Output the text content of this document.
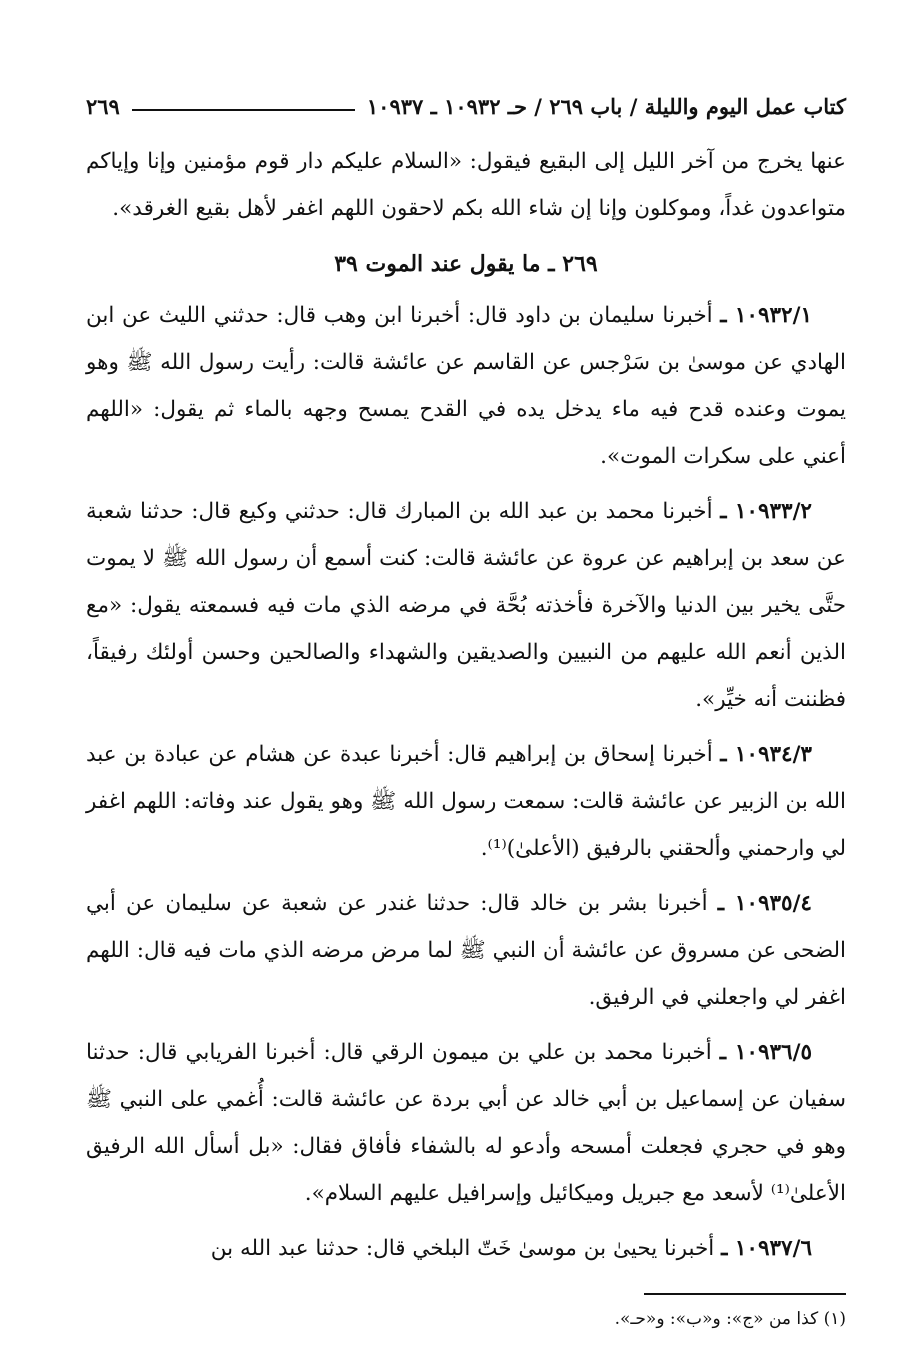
كتاب عمل اليوم والليلة / باب ٢٦٩ / حـ ١٠٩٣٢ ـ ١٠٩٣٧
٢٦٩

عنها يخرج من آخر الليل إلى البقيع فيقول: «السلام عليكم دار قوم مؤمنين وإنا وإياكم متواعدون غداً، وموكلون وإنا إن شاء الله بكم لاحقون اللهم اغفر لأهل بقيع الغرقد».

٢٦٩ ـ ما يقول عند الموت ٣٩

١٠٩٣٢/١ ـ أخبرنا سليمان بن داود قال: أخبرنا ابن وهب قال: حدثني الليث عن ابن الهادي عن موسىٰ بن سَرْجس عن القاسم عن عائشة قالت: رأيت رسول الله ﷺ وهو يموت وعنده قدح فيه ماء يدخل يده في القدح يمسح وجهه بالماء ثم يقول: «اللهم أعني على سكرات الموت».

١٠٩٣٣/٢ ـ أخبرنا محمد بن عبد الله بن المبارك قال: حدثني وكيع قال: حدثنا شعبة عن سعد بن إبراهيم عن عروة عن عائشة قالت: كنت أسمع أن رسول الله ﷺ لا يموت حتَّى يخير بين الدنيا والآخرة فأخذته بُحَّة في مرضه الذي مات فيه فسمعته يقول: «مع الذين أنعم الله عليهم من النبيين والصديقين والشهداء والصالحين وحسن أولئك رفيقاً، فظننت أنه خيِّر».

١٠٩٣٤/٣ ـ أخبرنا إسحاق بن إبراهيم قال: أخبرنا عبدة عن هشام عن عبادة بن عبد الله بن الزبير عن عائشة قالت: سمعت رسول الله ﷺ وهو يقول عند وفاته: اللهم اغفر لي وارحمني وألحقني بالرفيق (الأعلىٰ)⁽¹⁾.

١٠٩٣٥/٤ ـ أخبرنا بشر بن خالد قال: حدثنا غندر عن شعبة عن سليمان عن أبي الضحى عن مسروق عن عائشة أن النبي ﷺ لما مرض مرضه الذي مات فيه قال: اللهم اغفر لي واجعلني في الرفيق.

١٠٩٣٦/٥ ـ أخبرنا محمد بن علي بن ميمون الرقي قال: أخبرنا الفريابي قال: حدثنا سفيان عن إسماعيل بن أبي خالد عن أبي بردة عن عائشة قالت: أُغمي على النبي ﷺ وهو في حجري فجعلت أمسحه وأدعو له بالشفاء فأفاق فقال: «بل أسأل الله الرفيق الأعلىٰ⁽¹⁾ لأسعد مع جبريل وميكائيل وإسرافيل عليهم السلام».

١٠٩٣٧/٦ ـ أخبرنا يحيىٰ بن موسىٰ خَتّ البلخي قال: حدثنا عبد الله بن

(١) كذا من «ج»: و«ب»: و«حـ».
